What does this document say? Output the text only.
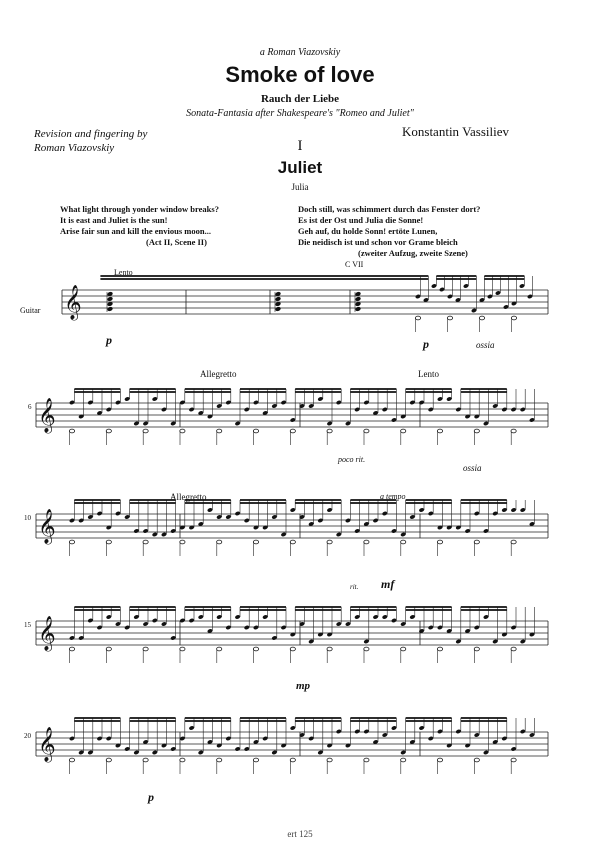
a Roman Viazovskiy
Smoke of love
Rauch der Liebe
Sonata-Fantasia after Shakespeare's "Romeo and Juliet"
Revision and fingering by
Roman Viazovskiy
Konstantin Vassiliev
I
Juliet
Julia
What light through yonder window breaks?
It is east and Juliet is the sun!
Arise fair sun and kill the envious moon...
(Act II, Scene II)
Doch still, was schimmert durch das Fenster dort?
Es ist der Ost und Julia die Sonne!
Geh auf, du holde Sonn! ertöte Lunen,
Die neidisch ist und schon vor Grame bleich
(zweiter Aufzug, zweite Szene)
Guitar
Lento
C VII
p	p	ossia
Allegretto	Lento
poco rit.
ossia
Allegretto	a tempo
rit. mf
mp
p
6
10
15
20
ert 125
𝄞
𝄞
𝄞
𝄞
𝄞
